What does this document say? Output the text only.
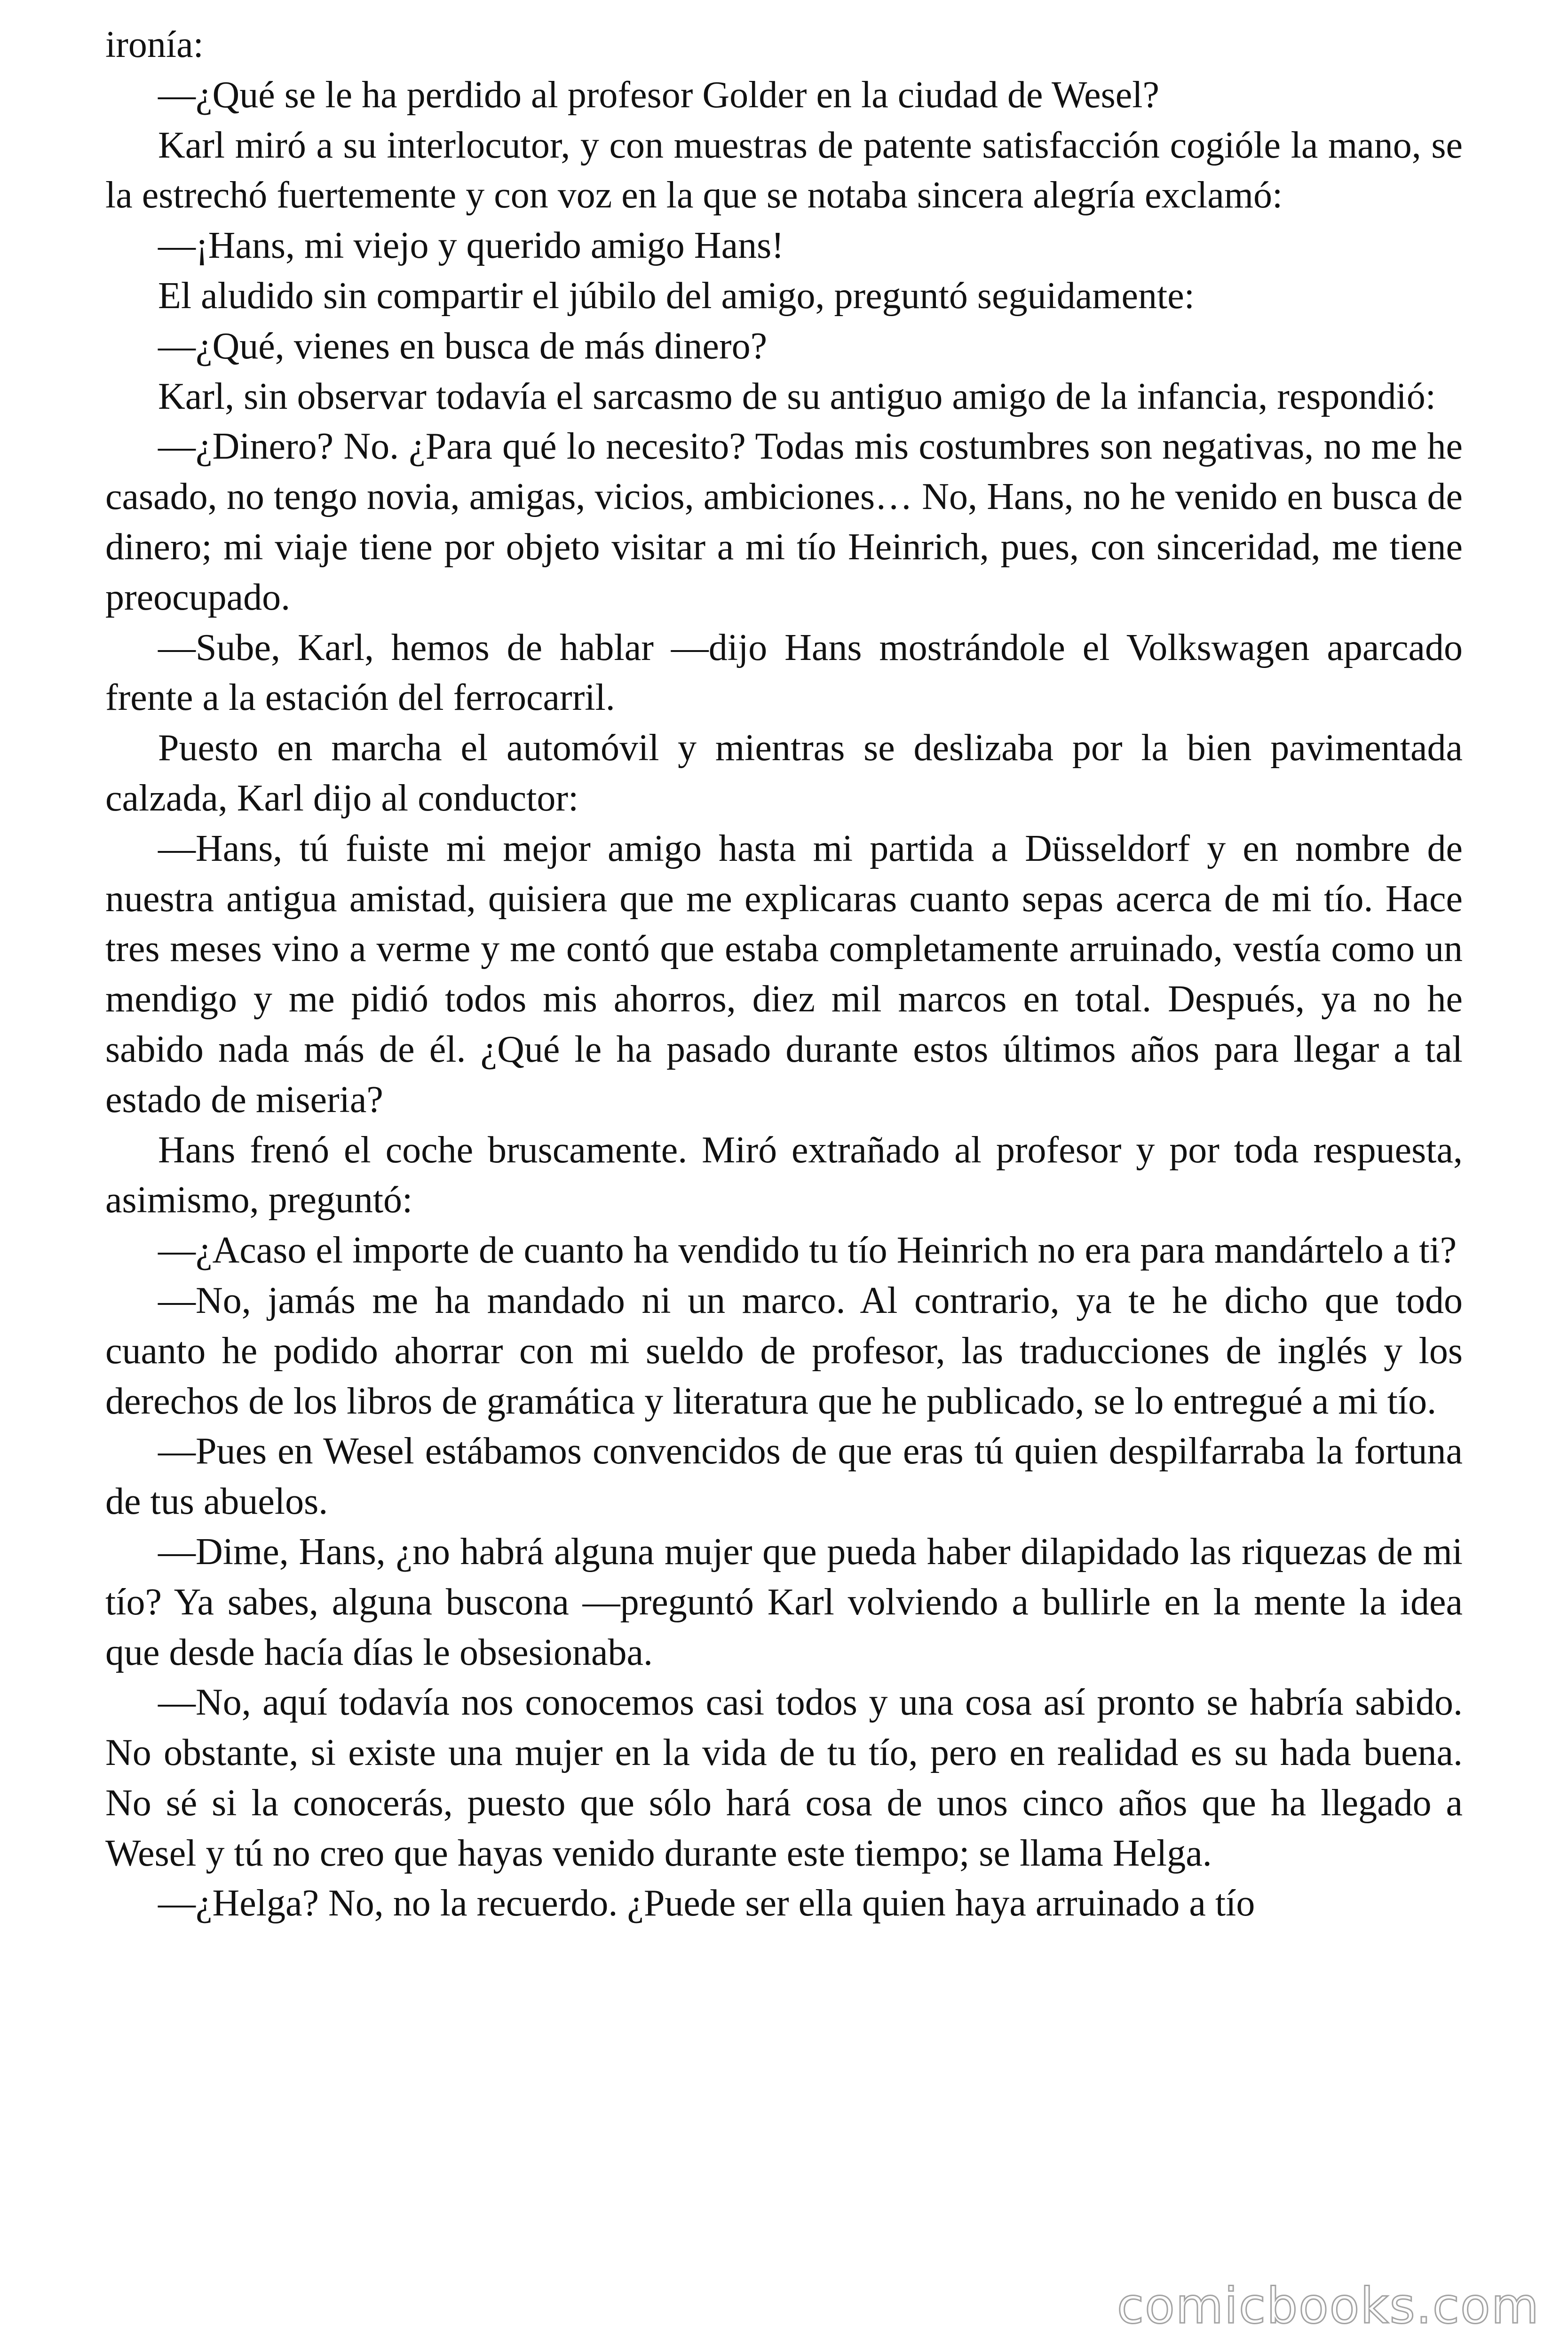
ironía:

—¿Qué se le ha perdido al profesor Golder en la ciudad de Wesel?

Karl miró a su interlocutor, y con muestras de patente satisfacción cogióle la mano, se la estrechó fuertemente y con voz en la que se notaba sincera alegría exclamó:

—¡Hans, mi viejo y querido amigo Hans!

El aludido sin compartir el júbilo del amigo, preguntó seguidamente:

—¿Qué, vienes en busca de más dinero?

Karl, sin observar todavía el sarcasmo de su antiguo amigo de la infancia, respondió:

—¿Dinero? No. ¿Para qué lo necesito? Todas mis costumbres son negativas, no me he casado, no tengo novia, amigas, vicios, ambiciones… No, Hans, no he venido en busca de dinero; mi viaje tiene por objeto visitar a mi tío Heinrich, pues, con sinceridad, me tiene preocupado.

—Sube, Karl, hemos de hablar —dijo Hans mostrándole el Volkswagen aparcado frente a la estación del ferrocarril.

Puesto en marcha el automóvil y mientras se deslizaba por la bien pavimentada calzada, Karl dijo al conductor:

—Hans, tú fuiste mi mejor amigo hasta mi partida a Düsseldorf y en nombre de nuestra antigua amistad, quisiera que me explicaras cuanto sepas acerca de mi tío. Hace tres meses vino a verme y me contó que estaba completamente arruinado, vestía como un mendigo y me pidió todos mis ahorros, diez mil marcos en total. Después, ya no he sabido nada más de él. ¿Qué le ha pasado durante estos últimos años para llegar a tal estado de miseria?

Hans frenó el coche bruscamente. Miró extrañado al profesor y por toda respuesta, asimismo, preguntó:

—¿Acaso el importe de cuanto ha vendido tu tío Heinrich no era para mandártelo a ti?

—No, jamás me ha mandado ni un marco. Al contrario, ya te he dicho que todo cuanto he podido ahorrar con mi sueldo de profesor, las traducciones de inglés y los derechos de los libros de gramática y literatura que he publicado, se lo entregué a mi tío.

—Pues en Wesel estábamos convencidos de que eras tú quien despilfarraba la fortuna de tus abuelos.

—Dime, Hans, ¿no habrá alguna mujer que pueda haber dilapidado las riquezas de mi tío? Ya sabes, alguna buscona —preguntó Karl volviendo a bullirle en la mente la idea que desde hacía días le obsesionaba.

—No, aquí todavía nos conocemos casi todos y una cosa así pronto se habría sabido. No obstante, si existe una mujer en la vida de tu tío, pero en realidad es su hada buena. No sé si la conocerás, puesto que sólo hará cosa de unos cinco años que ha llegado a Wesel y tú no creo que hayas venido durante este tiempo; se llama Helga.

—¿Helga? No, no la recuerdo. ¿Puede ser ella quien haya arruinado a tío

comicbooks.com
